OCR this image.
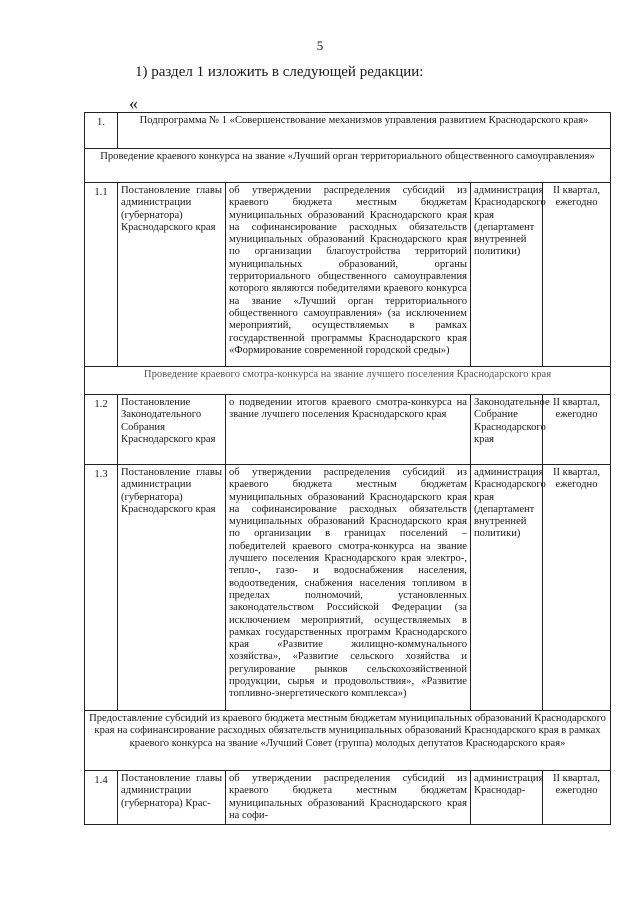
5
1) раздел 1 изложить в следующей редакции:
«
1.	Подпрограмма № 1 «Совершенствование механизмов управления развитием Краснодарского края»			
Проведение краевого конкурса на звание «Лучший орган территориального общественного самоуправления»				
1.1	Постановление главы администрации (губернатора) Краснодарского края	об утверждении распределения субсидий из краевого бюджета местным бюджетам муниципальных образований Краснодарского края на софинансирование расходных обязательств муниципальных образований Краснодарского края по организации благоустройства территорий муниципальных образований, органы территориального общественного самоуправления которого являются победителями краевого конкурса на звание «Лучший орган территориального общественного самоуправления» (за исключением мероприятий, осуществляемых в рамках государственной программы Краснодарского края «Формирование современной городской среды»)	администрация Краснодарского края (департамент внутренней политики)	II квартал, ежегодно
Проведение краевого смотра-конкурса на звание лучшего поселения Краснодарского края				
1.2	Постановление Законодательного Собрания Краснодарского края	о подведении итогов краевого смотра-конкурса на звание лучшего поселения Краснодарского края	Законодательное Собрание Краснодарского края	II квартал, ежегодно
1.3	Постановление главы администрации (губернатора) Краснодарского края	об утверждении распределения субсидий из краевого бюджета местным бюджетам муниципальных образований Краснодарского края на софинансирование расходных обязательств муниципальных образований Краснодарского края по организации в границах поселений – победителей краевого смотра-конкурса на звание лучшего поселения Краснодарского края электро-, тепло-, газо- и водоснабжения населения, водоотведения, снабжения населения топливом в пределах полномочий, установленных законодательством Российской Федерации (за исключением мероприятий, осуществляемых в рамках государственных программ Краснодарского края «Развитие жилищно-коммунального хозяйства», «Развитие сельского хозяйства и регулирование рынков сельскохозяйственной продукции, сырья и продовольствия», «Развитие топливно-энергетического комплекса»)	администрация Краснодарского края (департамент внутренней политики)	II квартал, ежегодно
Предоставление субсидий из краевого бюджета местным бюджетам муниципальных образований Краснодарского края на софинансирование расходных обязательств муниципальных образований Краснодарского края в рамках краевого конкурса на звание «Лучший Совет (группа) молодых депутатов Краснодарского края»				
1.4	Постановление главы администрации (губернатора) Крас-	об утверждении распределения субсидий из краевого бюджета местным бюджетам муниципальных образований Краснодарского края на софи-	администрация Краснодар-	II квартал, ежегодно
